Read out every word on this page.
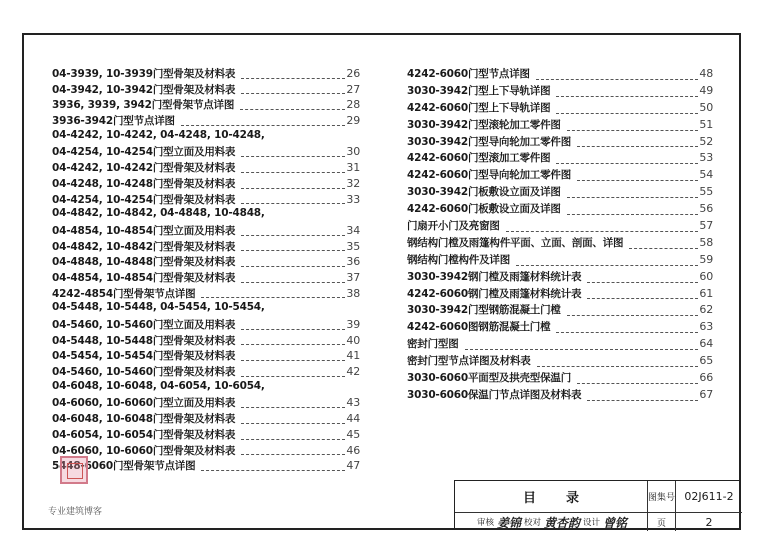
04-3939, 10-3939门型骨架及材料表	26
04-3942, 10-3942门型骨架及材料表	27
3936, 3939, 3942门型骨架节点详图	28
3936-3942门型节点详图	29
04-4242, 10-4242, 04-4248, 10-4248,
04-4254, 10-4254门型立面及用料表	30
04-4242, 10-4242门型骨架及材料表	31
04-4248, 10-4248门型骨架及材料表	32
04-4254, 10-4254门型骨架及材料表	33
04-4842, 10-4842, 04-4848, 10-4848,
04-4854, 10-4854门型立面及用料表	34
04-4842, 10-4842门型骨架及材料表	35
04-4848, 10-4848门型骨架及材料表	36
04-4854, 10-4854门型骨架及材料表	37
4242-4854门型骨架节点详图	38
04-5448, 10-5448, 04-5454, 10-5454,
04-5460, 10-5460门型立面及用料表	39
04-5448, 10-5448门型骨架及材料表	40
04-5454, 10-5454门型骨架及材料表	41
04-5460, 10-5460门型骨架及材料表	42
04-6048, 10-6048, 04-6054, 10-6054,
04-6060, 10-6060门型立面及用料表	43
04-6048, 10-6048门型骨架及材料表	44
04-6054, 10-6054门型骨架及材料表	45
04-6060, 10-6060门型骨架及材料表	46
5448-6060门型骨架节点详图	47
4242-6060门型节点详图	48
3030-3942门型上下导轨详图	49
4242-6060门型上下导轨详图	50
3030-3942门型滚轮加工零件图	51
3030-3942门型导向轮加工零件图	52
4242-6060门型滚加工零件图	53
4242-6060门型导向轮加工零件图	54
3030-3942门板敷设立面及详图	55
4242-6060门板敷设立面及详图	56
门扇开小门及亮窗图	57
钢结构门樘及雨篷构件平面、立面、剖面、详图	58
钢结构门樘构件及详图	59
3030-3942钢门樘及雨篷材料统计表	60
4242-6060钢门樘及雨篷材料统计表	61
3030-3942门型钢筋混凝土门樘	62
4242-6060图钢筋混凝土门樘	63
密封门型图	64
密封门型节点详图及材料表	65
3030-6060平面型及拱壳型保温门	66
3030-6060保温门节点详图及材料表	67
专业建筑博客
目录	图集号 02J611-2
审核 姜锦 校对 黄杏韵 设计 曾铭	页	2
